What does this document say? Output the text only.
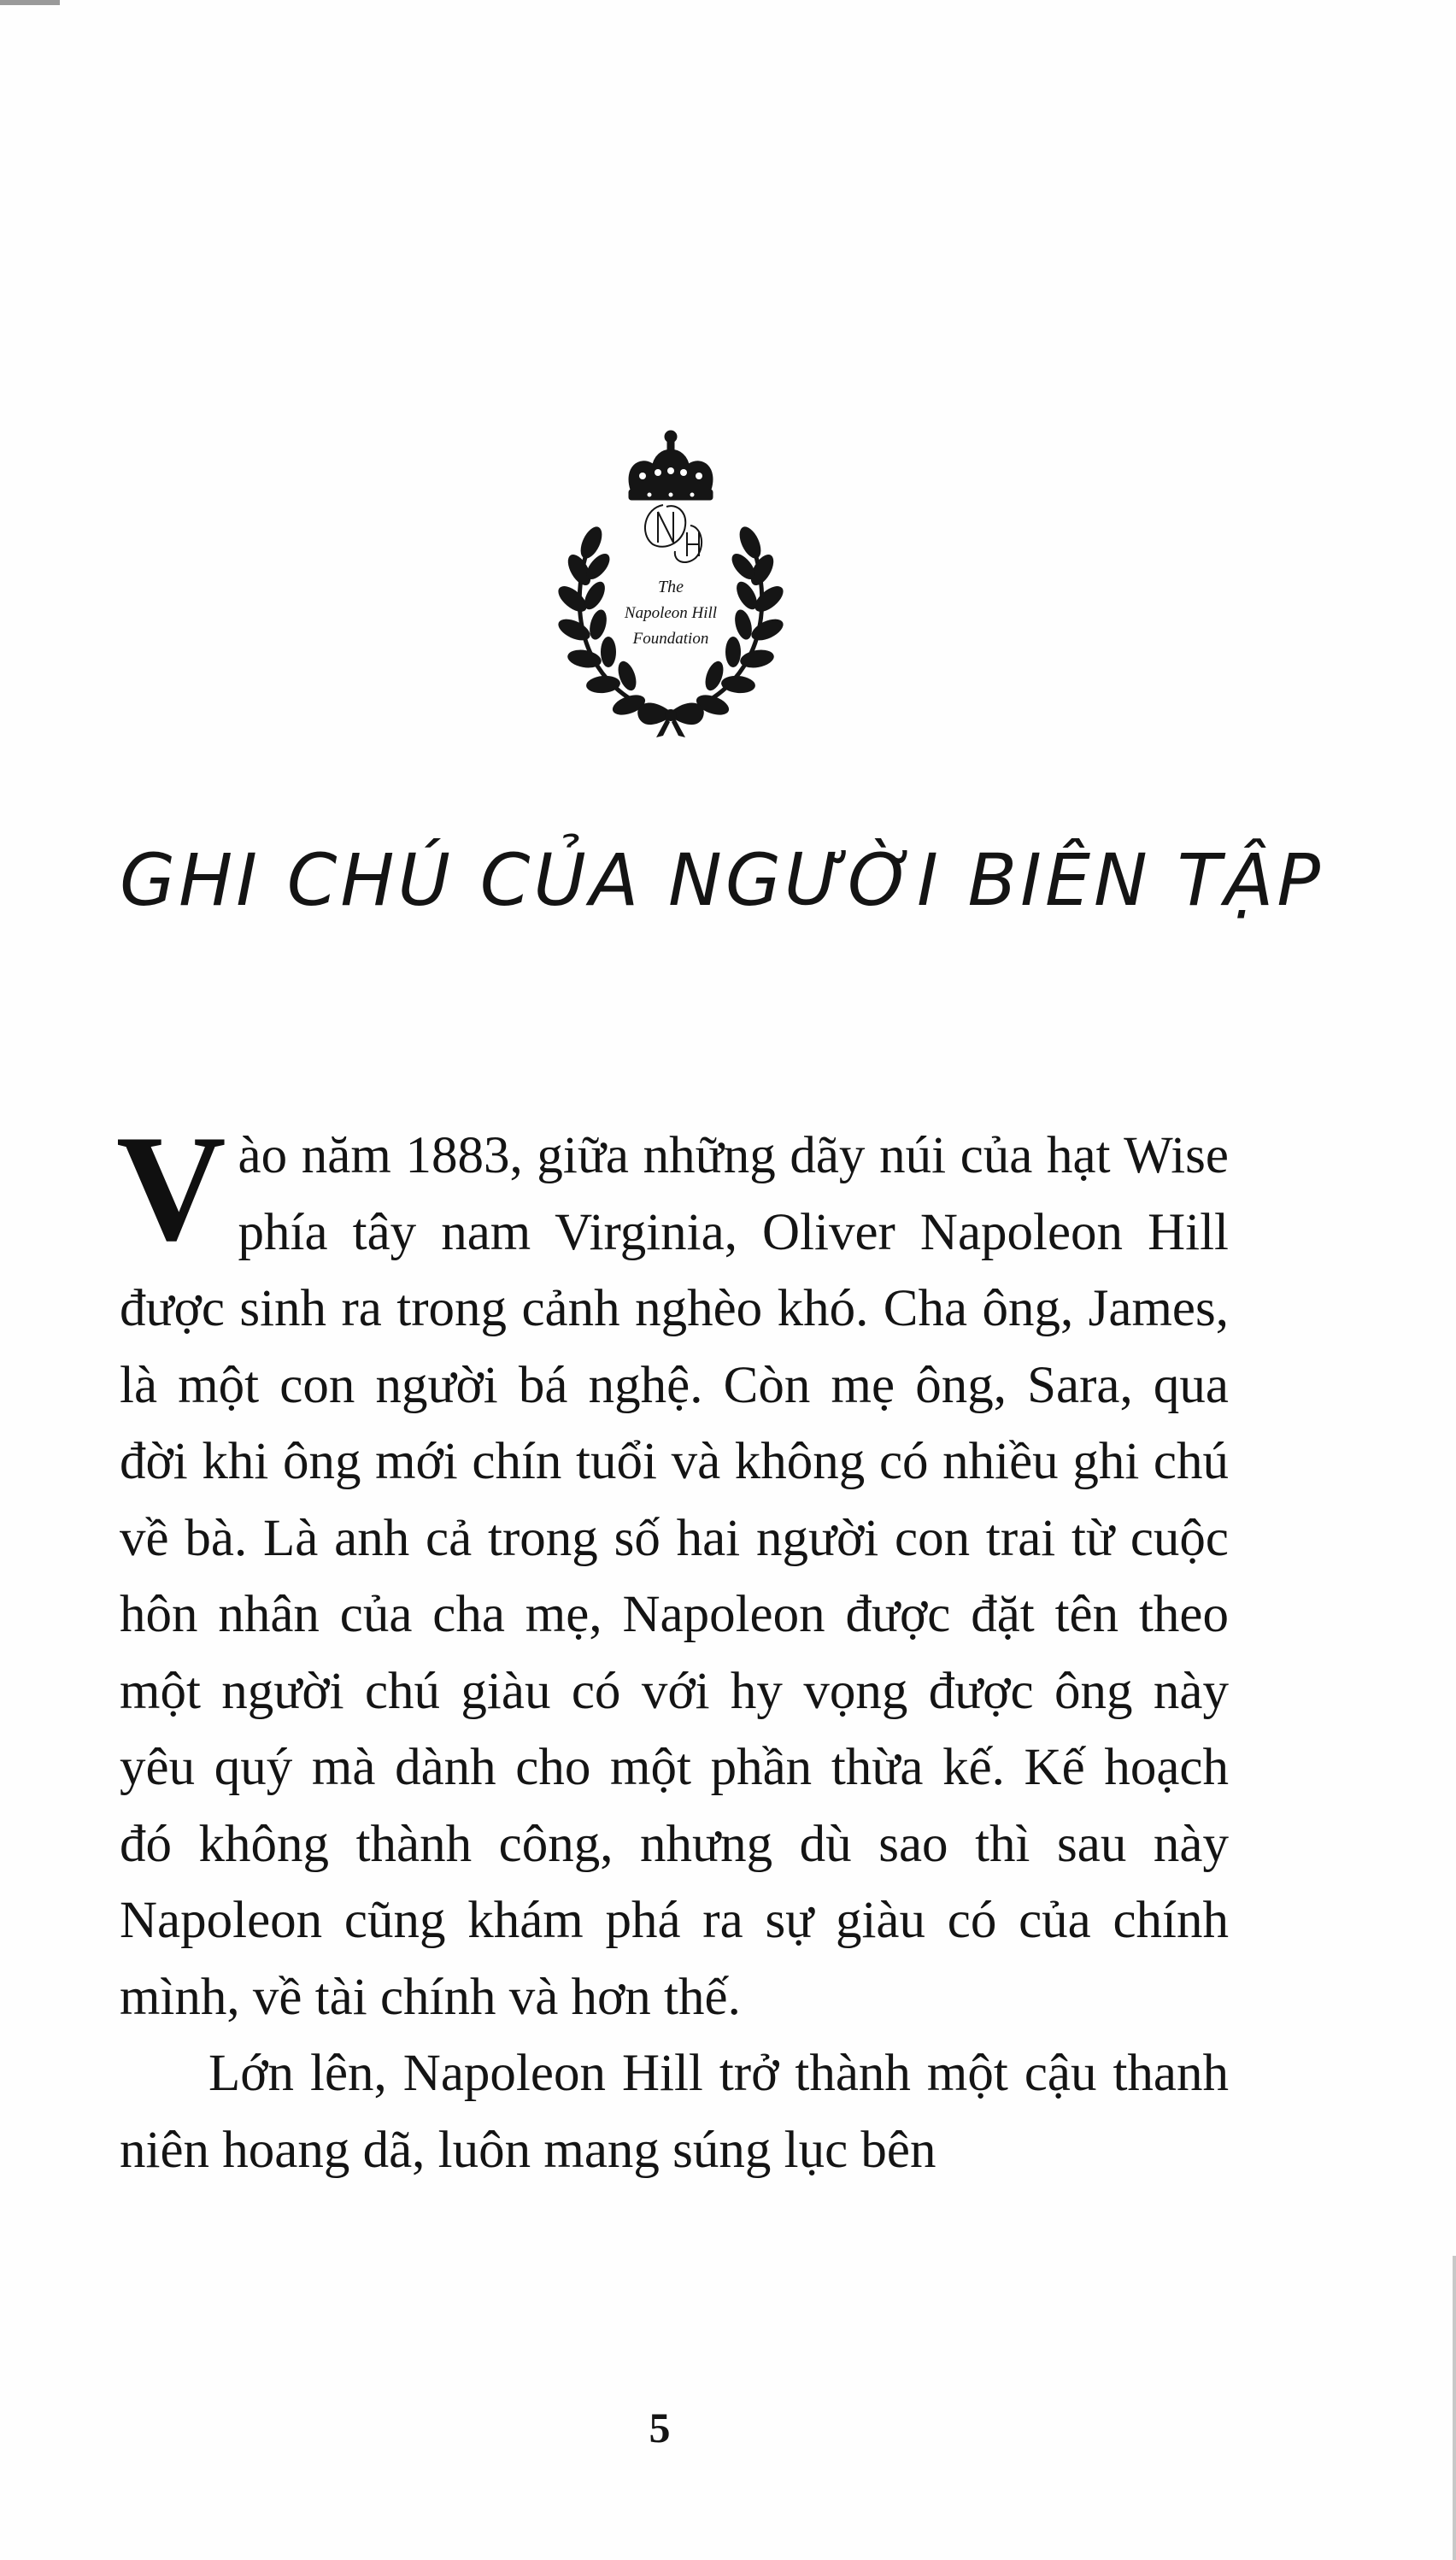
The
Napoleon Hill
Foundation
GHI CHÚ CỦA NGƯỜI BIÊN TẬP

Vào năm 1883, giữa những dãy núi của hạt Wise phía tây nam Virginia, Oliver Napoleon Hill được sinh ra trong cảnh nghèo khó. Cha ông, James, là một con người bá nghệ. Còn mẹ ông, Sara, qua đời khi ông mới chín tuổi và không có nhiều ghi chú về bà. Là anh cả trong số hai người con trai từ cuộc hôn nhân của cha mẹ, Napoleon được đặt tên theo một người chú giàu có với hy vọng được ông này yêu quý mà dành cho một phần thừa kế. Kế hoạch đó không thành công, nhưng dù sao thì sau này Napoleon cũng khám phá ra sự giàu có của chính mình, về tài chính và hơn thế.

Lớn lên, Napoleon Hill trở thành một cậu thanh niên hoang dã, luôn mang súng lục bên

5
